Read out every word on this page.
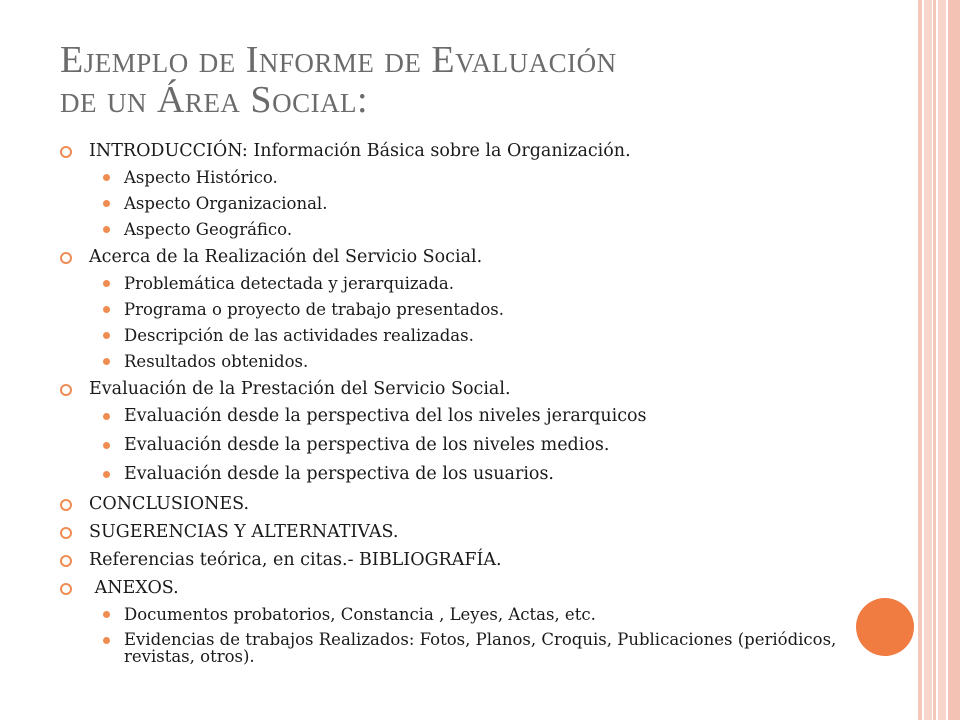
Ejemplo de Informe de Evaluación
de un Área Social:
INTRODUCCIÓN: Información Básica sobre la Organización.
Aspecto Histórico.
Aspecto Organizacional.
Aspecto Geográfico.
Acerca de la Realización del Servicio Social.
Problemática detectada y jerarquizada.
Programa o proyecto de trabajo presentados.
Descripción de las actividades realizadas.
Resultados obtenidos.
Evaluación de la Prestación del Servicio Social.
Evaluación desde la perspectiva del los niveles jerarquicos
Evaluación desde la perspectiva de los niveles medios.
Evaluación desde la perspectiva de los usuarios.
CONCLUSIONES.
SUGERENCIAS Y ALTERNATIVAS.
Referencias teórica, en citas.- BIBLIOGRAFÍA.
ANEXOS.
Documentos probatorios, Constancia , Leyes, Actas, etc.
Evidencias de trabajos Realizados: Fotos, Planos, Croquis, Publicaciones (periódicos, revistas, otros).
